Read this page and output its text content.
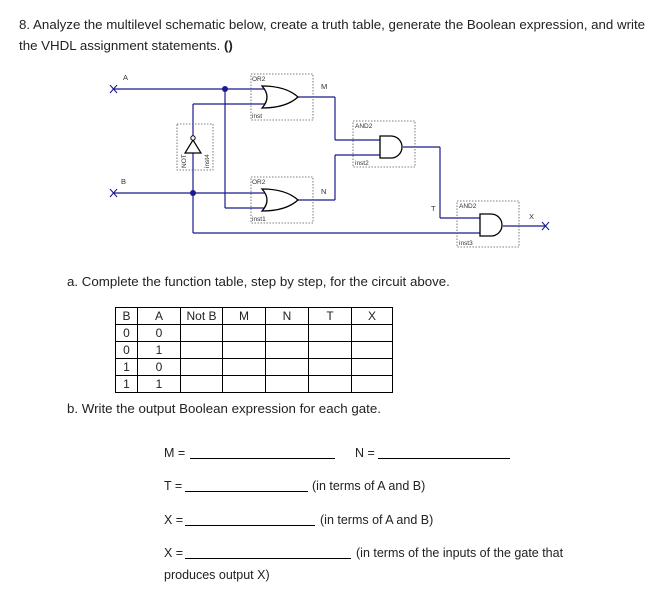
8. Analyze the multilevel schematic below, create a truth table, generate the Boolean expression, and write the VHDL assignment statements. ()
A
B
X
M
N
T
OR2
inst
OR2
inst1
AND2
inst2
AND2
inst3
NOT inst4
a. Complete the function table, step by step, for the circuit above.
B	A	Not B	M	N	T	X
0	0					
0	1					
1	0					
1	1					
b. Write the output Boolean expression for each gate.
M =	N =
T =	(in terms of A and B)
X =	(in terms of A and B)
X =	(in terms of the inputs of the gate that
produces output X)
